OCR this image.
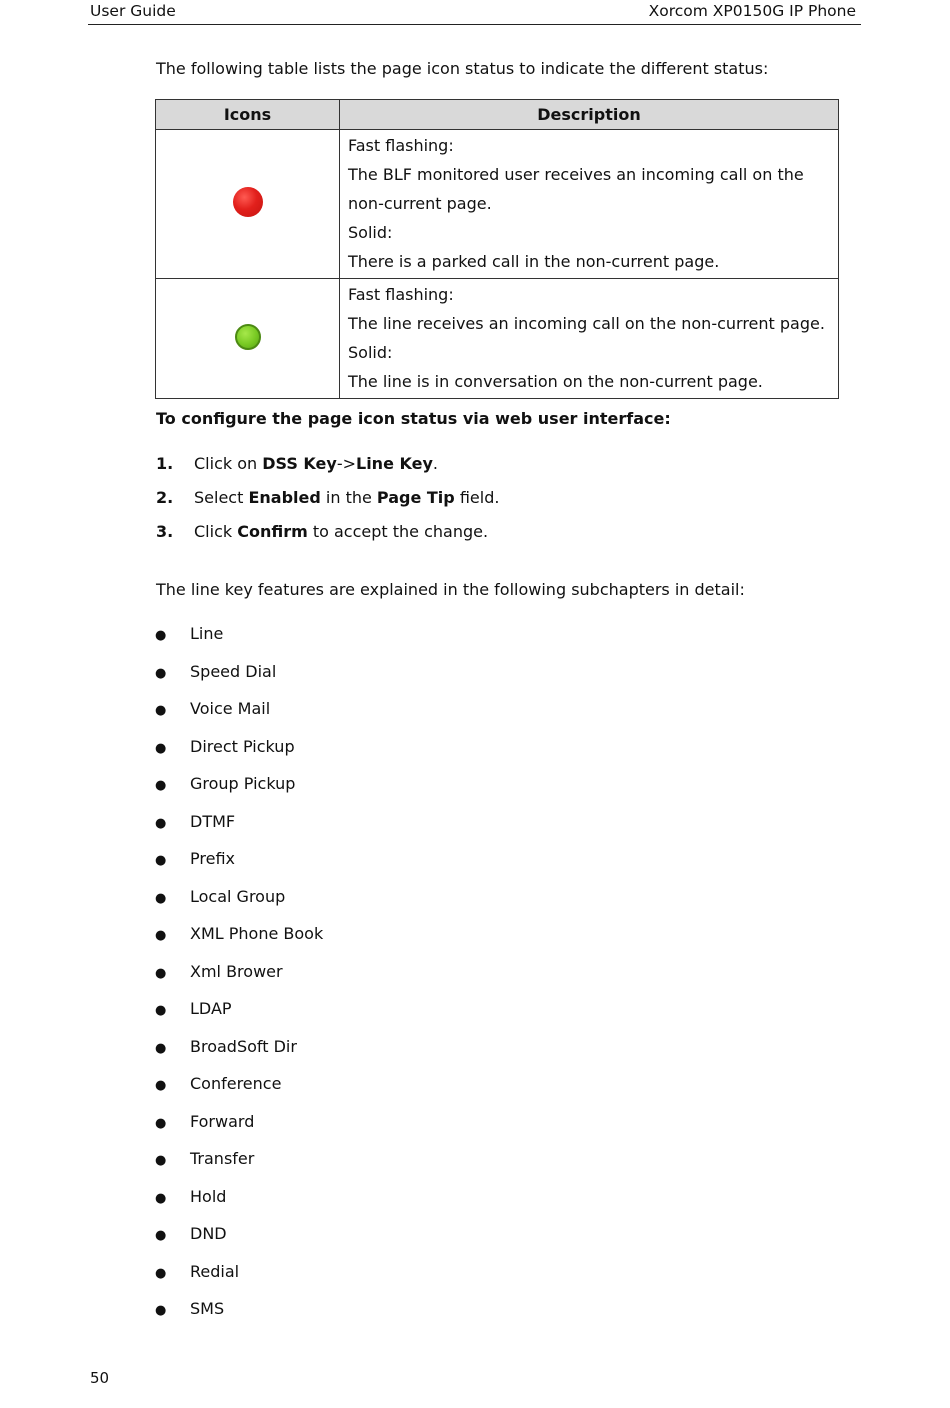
User Guide	Xorcom XP0150G IP Phone
The following table lists the page icon status to indicate the different status:
Icons	Description

	Fast flashing:
The BLF monitored user receives an incoming call on the
non-current page.
Solid:
There is a parked call in the non-current page.

	Fast flashing:
The line receives an incoming call on the non-current page.
Solid:
The line is in conversation on the non-current page.
To configure the page icon status via web user interface:
1. Click on DSS Key->Line Key.
2. Select Enabled in the Page Tip field.
3. Click Confirm to accept the change.
The line key features are explained in the following subchapters in detail:
● Line
● Speed Dial
● Voice Mail
● Direct Pickup
● Group Pickup
● DTMF
● Prefix
● Local Group
● XML Phone Book
● Xml Brower
● LDAP
● BroadSoft Dir
● Conference
● Forward
● Transfer
● Hold
● DND
● Redial
● SMS
50
